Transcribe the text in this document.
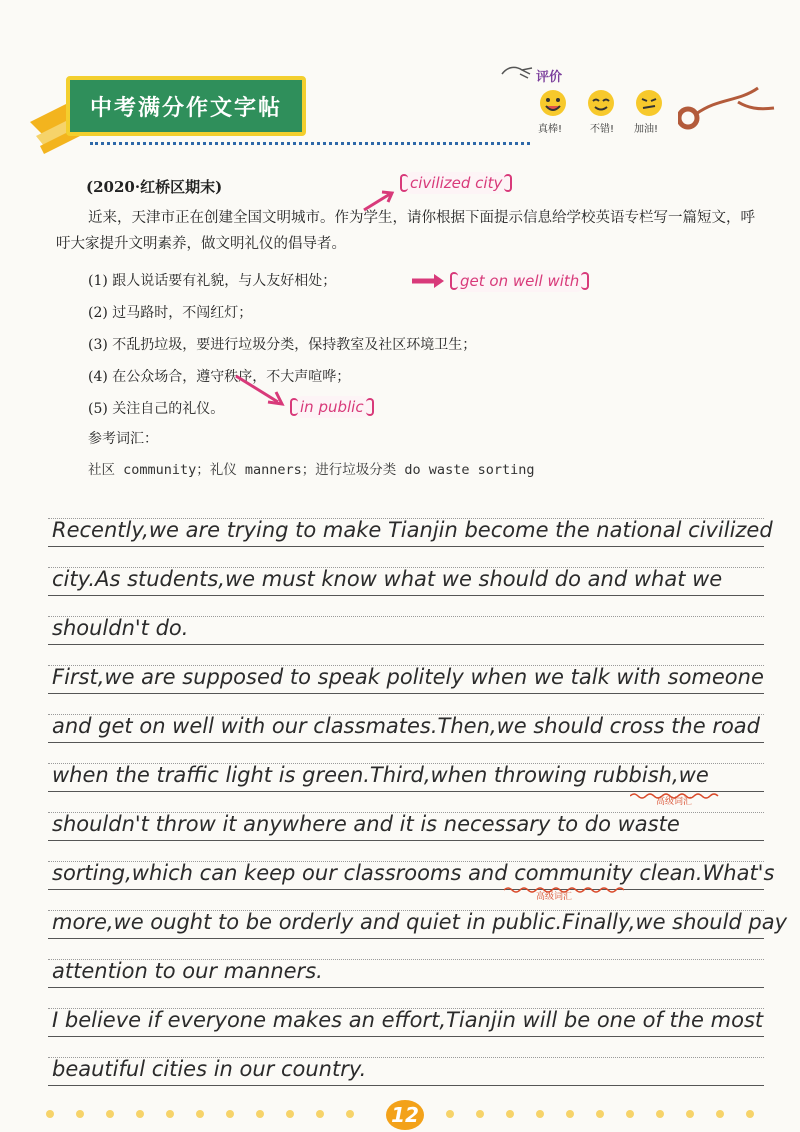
中考满分作文字帖
评价
真棒!	不错! 加油!
(2020·红桥区期末)
近来，天津市正在创建全国文明城市。作为学生，请你根据下面提示信息给学校英语专栏写一篇短文，呼吁大家提升文明素养，做文明礼仪的倡导者。
(1) 跟人说话要有礼貌，与人友好相处；
(2) 过马路时，不闯红灯；
(3) 不乱扔垃圾，要进行垃圾分类，保持教室及社区环境卫生；
(4) 在公众场合，遵守秩序，不大声喧哗；
(5) 关注自己的礼仪。
参考词汇：
社区 community；礼仪 manners；进行垃圾分类 do waste sorting
civilized city
get on well with
in public
Recently,we are trying to make Tianjin become the national civilized
city.As students,we must know what we should do and what we
shouldn't do.
First,we are supposed to speak politely when we talk with someone
and get on well with our classmates.Then,we should cross the road
when the traffic light is green.Third,when throwing rubbish,we
shouldn't throw it anywhere and it is necessary to do waste
sorting,which can keep our classrooms and community clean.What's
more,we ought to be orderly and quiet in public.Finally,we should pay
attention to our manners.
I believe if everyone makes an effort,Tianjin will be one of the most
beautiful cities in our country.
高级词汇
高级词汇
12
